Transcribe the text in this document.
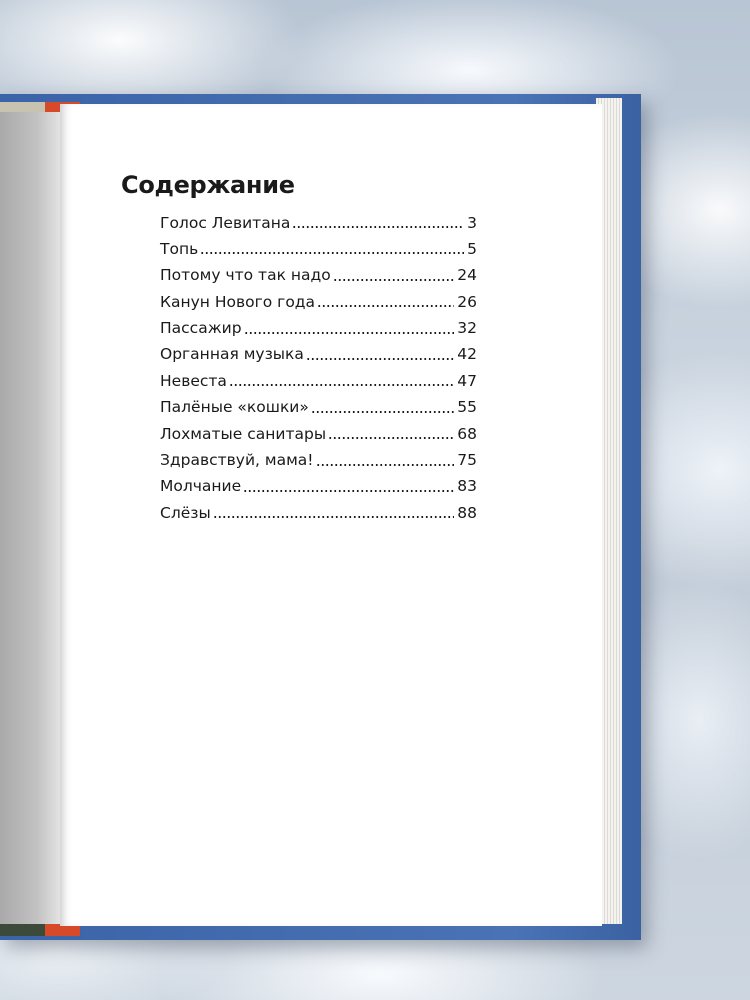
Содержание
Голос Левитана	3
Топь	5
Потому что так надо	24
Канун Нового года	26
Пассажир	32
Органная музыка	42
Невеста	47
Палёные «кошки»	55
Лохматые санитары	68
Здравствуй, мама!	75
Молчание	83
Слёзы	88
